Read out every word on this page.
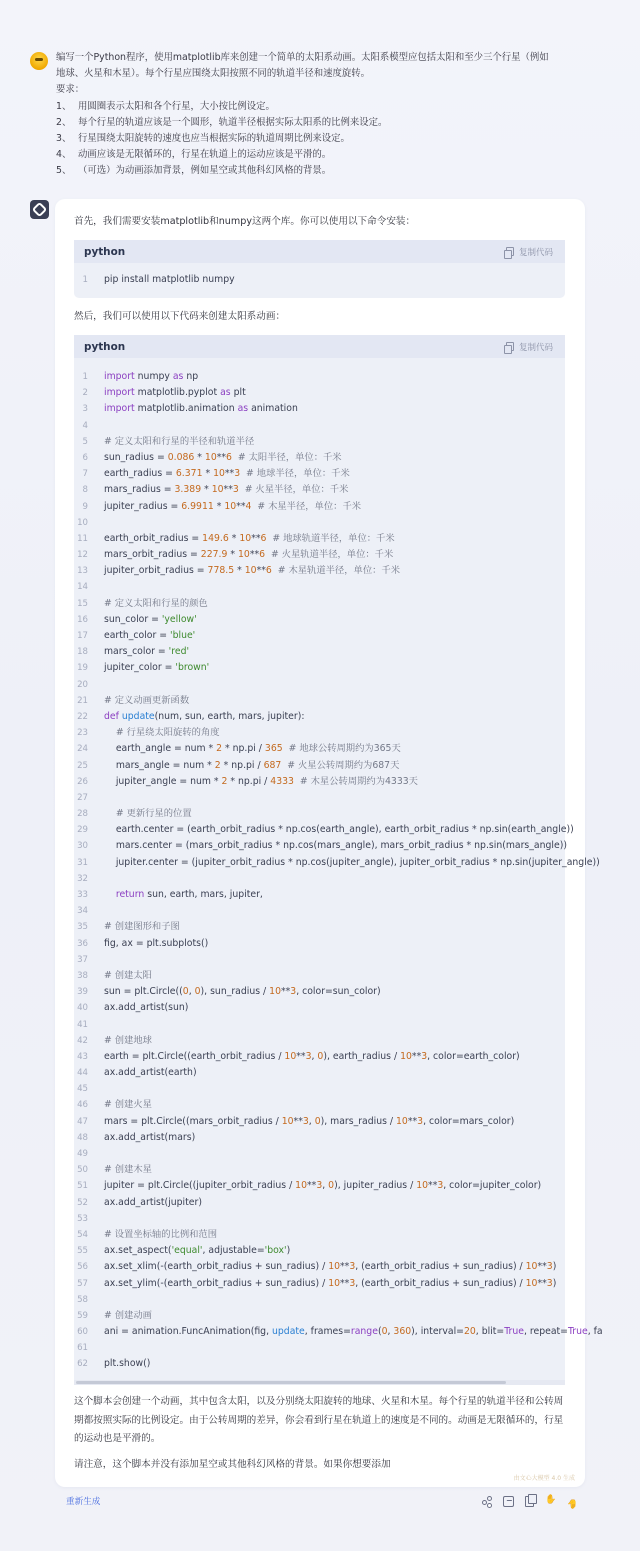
编写一个Python程序，使用matplotlib库来创建一个简单的太阳系动画。太阳系模型应包括太阳和至少三个行星（例如
地球、火星和木星）。每个行星应围绕太阳按照不同的轨道半径和速度旋转。
要求：
1、 用圆圈表示太阳和各个行星，大小按比例设定。
2、 每个行星的轨道应该是一个圆形，轨道半径根据实际太阳系的比例来设定。
3、 行星围绕太阳旋转的速度也应当根据实际的轨道周期比例来设定。
4、 动画应该是无限循环的，行星在轨道上的运动应该是平滑的。
5、 （可选）为动画添加背景，例如星空或其他科幻风格的背景。
首先，我们需要安装matplotlib和numpy这两个库。你可以使用以下命令安装：
python	复制代码
1	pip install matplotlib numpy
然后，我们可以使用以下代码来创建太阳系动画：
python	复制代码
1	import numpy as np
2	import matplotlib.pyplot as plt
3	import matplotlib.animation as animation
4
5	# 定义太阳和行星的半径和轨道半径
6	sun_radius = 0.086 * 10**6 # 太阳半径，单位：千米
7	earth_radius = 6.371 * 10**3 # 地球半径，单位：千米
8	mars_radius = 3.389 * 10**3 # 火星半径，单位：千米
9	jupiter_radius = 6.9911 * 10**4 # 木星半径，单位：千米
10
11	earth_orbit_radius = 149.6 * 10**6 # 地球轨道半径，单位：千米
12	mars_orbit_radius = 227.9 * 10**6 # 火星轨道半径，单位：千米
13	jupiter_orbit_radius = 778.5 * 10**6 # 木星轨道半径，单位：千米
14
15	# 定义太阳和行星的颜色
16	sun_color = 'yellow'
17	earth_color = 'blue'
18	mars_color = 'red'
19	jupiter_color = 'brown'
20
21	# 定义动画更新函数
22	def update(num, sun, earth, mars, jupiter):
23	# 行星绕太阳旋转的角度
24	earth_angle = num * 2 * np.pi / 365 # 地球公转周期约为365天
25	mars_angle = num * 2 * np.pi / 687 # 火星公转周期约为687天
26	jupiter_angle = num * 2 * np.pi / 4333 # 木星公转周期约为4333天
27
28	# 更新行星的位置
29	earth.center = (earth_orbit_radius * np.cos(earth_angle), earth_orbit_radius * np.sin(earth_angle))
30	mars.center = (mars_orbit_radius * np.cos(mars_angle), mars_orbit_radius * np.sin(mars_angle))
31	jupiter.center = (jupiter_orbit_radius * np.cos(jupiter_angle), jupiter_orbit_radius * np.sin(jupiter_angle))
32
33	return sun, earth, mars, jupiter,
34
35	# 创建图形和子图
36	fig, ax = plt.subplots()
37
38	# 创建太阳
39	sun = plt.Circle((0, 0), sun_radius / 10**3, color=sun_color)
40	ax.add_artist(sun)
41
42	# 创建地球
43	earth = plt.Circle((earth_orbit_radius / 10**3, 0), earth_radius / 10**3, color=earth_color)
44	ax.add_artist(earth)
45
46	# 创建火星
47	mars = plt.Circle((mars_orbit_radius / 10**3, 0), mars_radius / 10**3, color=mars_color)
48	ax.add_artist(mars)
49
50	# 创建木星
51	jupiter = plt.Circle((jupiter_orbit_radius / 10**3, 0), jupiter_radius / 10**3, color=jupiter_color)
52	ax.add_artist(jupiter)
53
54	# 设置坐标轴的比例和范围
55	ax.set_aspect('equal', adjustable='box')
56	ax.set_xlim(-(earth_orbit_radius + sun_radius) / 10**3, (earth_orbit_radius + sun_radius) / 10**3)
57	ax.set_ylim(-(earth_orbit_radius + sun_radius) / 10**3, (earth_orbit_radius + sun_radius) / 10**3)
58
59	# 创建动画
60	ani = animation.FuncAnimation(fig, update, frames=range(0, 360), interval=20, blit=True, repeat=True, fa
61
62	plt.show()
这个脚本会创建一个动画，其中包含太阳，以及分别绕太阳旋转的地球、火星和木星。每个行星的轨道半径和公转周期都按照实际的比例设定。由于公转周期的差异，你会看到行星在轨道上的速度是不同的。动画是无限循环的，行星的运动也是平滑的。
请注意，这个脚本并没有添加星空或其他科幻风格的背景。如果你想要添加
由文心大模型 4.0 生成
重新生成
✋
✋
